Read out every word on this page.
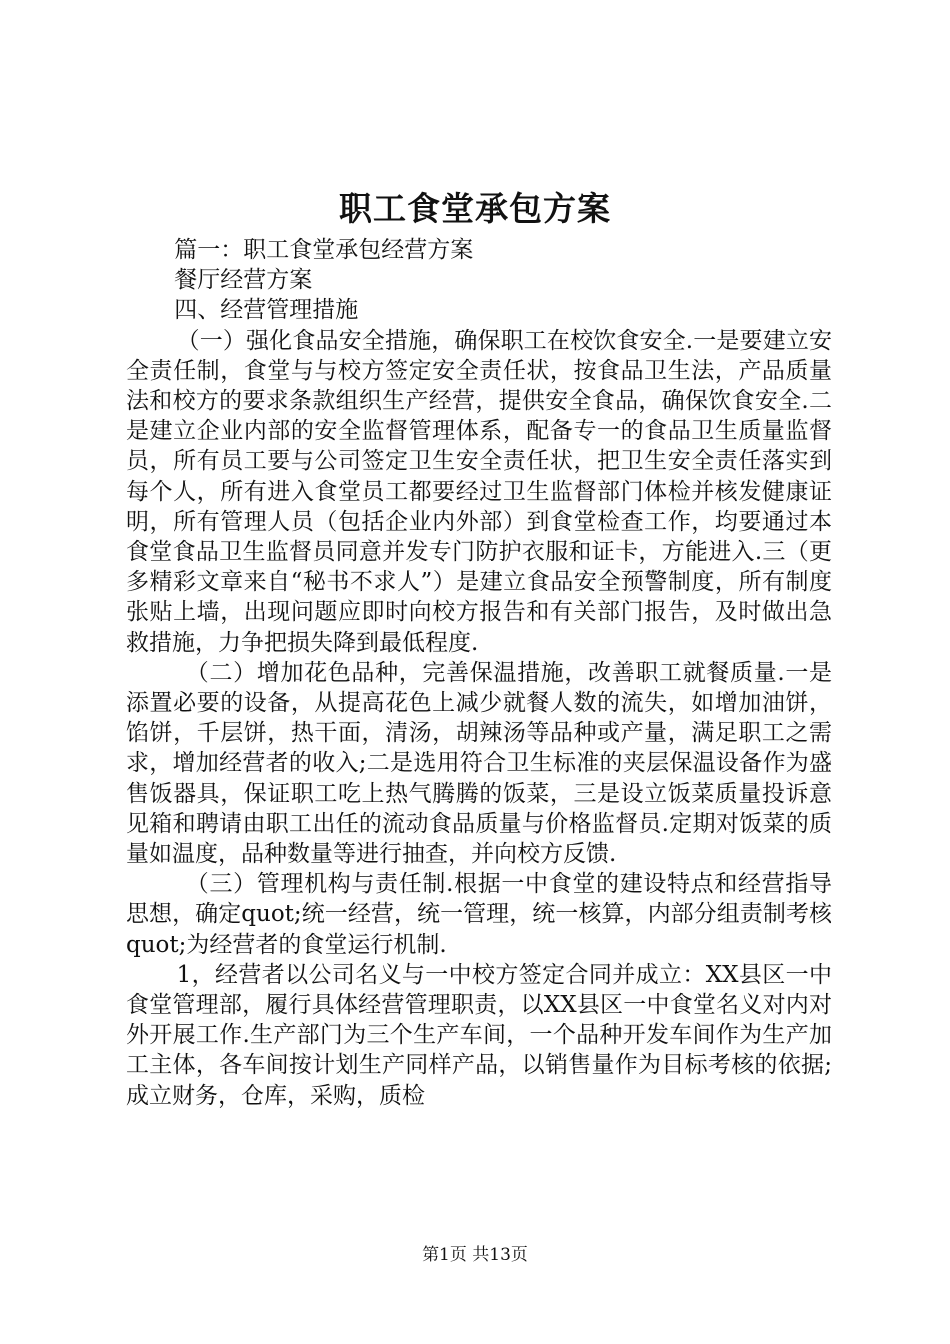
职工食堂承包方案

篇一：职工食堂承包经营方案

餐厅经营方案

四、经营管理措施

（一）强化食品安全措施，确保职工在校饮食安全.一是要建立安全责任制，食堂与与校方签定安全责任状，按食品卫生法，产品质量法和校方的要求条款组织生产经营，提供安全食品，确保饮食安全.二是建立企业内部的安全监督管理体系，配备专一的食品卫生质量监督员，所有员工要与公司签定卫生安全责任状，把卫生安全责任落实到每个人，所有进入食堂员工都要经过卫生监督部门体检并核发健康证明，所有管理人员（包括企业内外部）到食堂检查工作，均要通过本食堂食品卫生监督员同意并发专门防护衣服和证卡，方能进入.三（更多精彩文章来自“秘书不求人”）是建立食品安全预警制度，所有制度张贴上墙，出现问题应即时向校方报告和有关部门报告，及时做出急救措施，力争把损失降到最低程度.

（二）增加花色品种，完善保温措施，改善职工就餐质量.一是添置必要的设备，从提高花色上减少就餐人数的流失，如增加油饼，馅饼，千层饼，热干面，清汤，胡辣汤等品种或产量，满足职工之需求，增加经营者的收入;二是选用符合卫生标准的夹层保温设备作为盛售饭器具，保证职工吃上热气腾腾的饭菜，三是设立饭菜质量投诉意见箱和聘请由职工出任的流动食品质量与价格监督员.定期对饭菜的质量如温度，品种数量等进行抽查，并向校方反馈.

（三）管理机构与责任制.根据一中食堂的建设特点和经营指导思想，确定quot;统一经营，统一管理，统一核算，内部分组责制考核quot;为经营者的食堂运行机制.

1，经营者以公司名义与一中校方签定合同并成立：XX县区一中食堂管理部，履行具体经营管理职责，以XX县区一中食堂名义对内对外开展工作.生产部门为三个生产车间，一个品种开发车间作为生产加工主体，各车间按计划生产同样产品，以销售量作为目标考核的依据;成立财务，仓库，采购，质检

第1页 共13页
